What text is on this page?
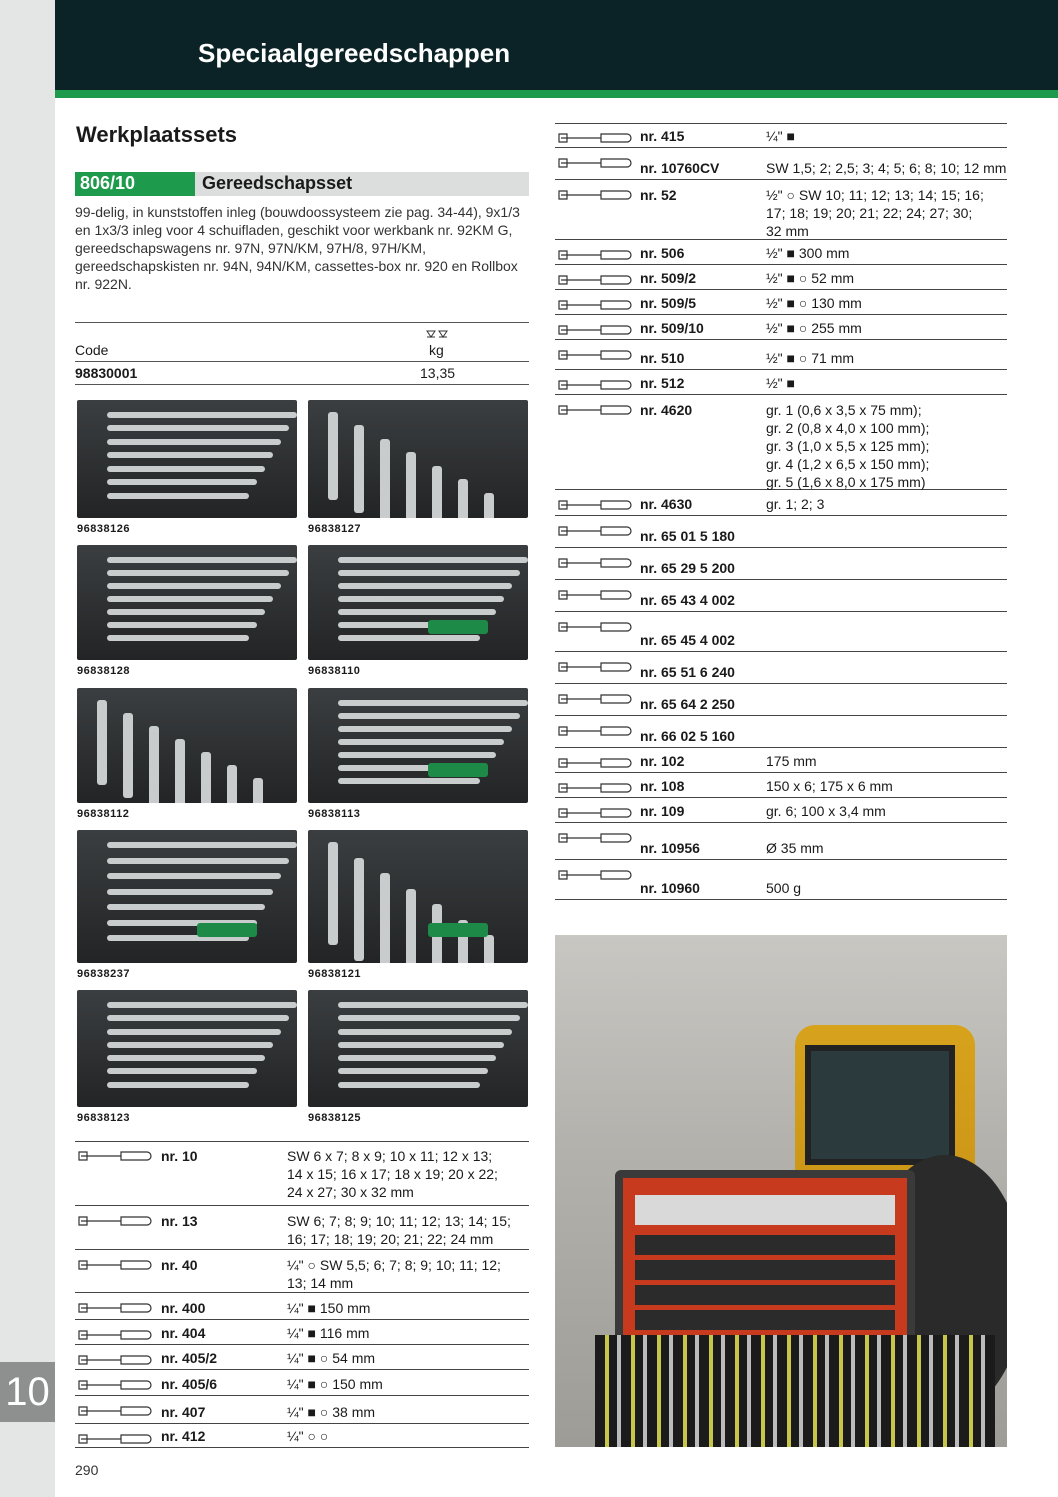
10
Speciaalgereedschappen
Werkplaatssets
806/10	Gereedschapsset
99-delig, in kunststoffen inleg (bouwdoossysteem zie pag. 34-44), 9x1/3 en 1x3/3 inleg voor 4 schuifladen, geschikt voor werkbank nr. 92KM G, gereedschapswagens nr. 97N, 97N/KM, 97H/8, 97H/KM, gereedschapskisten nr. 94N, 94N/KM, cassettes-box nr. 920 en Rollbox nr. 922N.
Code	kg
98830001	13,35
96838126	96838127
96838128	96838110
96838112	96838113
96838237	96838121
96838123	96838125
nr. 10	SW 6 x 7; 8 x 9; 10 x 11; 12 x 13;
14 x 15; 16 x 17; 18 x 19; 20 x 22;
24 x 27; 30 x 32 mm
nr. 13	SW 6; 7; 8; 9; 10; 11; 12; 13; 14; 15;
16; 17; 18; 19; 20; 21; 22; 24 mm
nr. 40	¼" ○ SW 5,5; 6; 7; 8; 9; 10; 11; 12;
13; 14 mm
nr. 400	¼" ■ 150 mm
nr. 404	¼" ■ 116 mm
nr. 405/2	¼" ■ ○ 54 mm
nr. 405/6	¼" ■ ○ 150 mm
nr. 407	¼" ■ ○ 38 mm
nr. 412	¼" ○ ○
nr. 415	¼" ■
nr. 10760CV	SW 1,5; 2; 2,5; 3; 4; 5; 6; 8; 10; 12 mm
nr. 52	½" ○ SW 10; 11; 12; 13; 14; 15; 16;
17; 18; 19; 20; 21; 22; 24; 27; 30;
32 mm
nr. 506	½" ■ 300 mm
nr. 509/2	½" ■ ○ 52 mm
nr. 509/5	½" ■ ○ 130 mm
nr. 509/10	½" ■ ○ 255 mm
nr. 510	½" ■ ○ 71 mm
nr. 512	½" ■
nr. 4620	gr. 1 (0,6 x 3,5 x 75 mm);
gr. 2 (0,8 x 4,0 x 100 mm);
gr. 3 (1,0 x 5,5 x 125 mm);
gr. 4 (1,2 x 6,5 x 150 mm);
gr. 5 (1,6 x 8,0 x 175 mm)
nr. 4630	gr. 1; 2; 3
nr. 65 01 5 180
nr. 65 29 5 200
nr. 65 43 4 002
nr. 65 45 4 002
nr. 65 51 6 240
nr. 65 64 2 250
nr. 66 02 5 160
nr. 102	175 mm
nr. 108	150 x 6; 175 x 6 mm
nr. 109	gr. 6; 100 x 3,4 mm
nr. 10956	Ø 35 mm
nr. 10960	500 g
290
